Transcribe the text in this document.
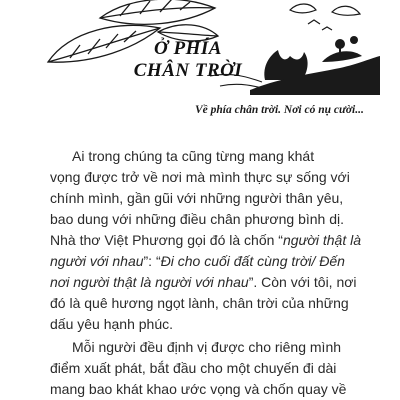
Ở PHÍA
CHÂN TRỜI
Về phía chân trời. Nơi có nụ cười...
Ai trong chúng ta cũng từng mang khát
vọng được trở về nơi mà mình thực sự sống với
chính mình, gần gũi với những người thân yêu,
bao dung với những điều chân phương bình dị.
Nhà thơ Việt Phương gọi đó là chốn “người thật là
người với nhau”: “Đi cho cuối đất cùng trời/ Đến
nơi người thật là người với nhau”. Còn với tôi, nơi
đó là quê hương ngọt lành, chân trời của những
dấu yêu hạnh phúc.
Mỗi người đều định vị được cho riêng mình
điểm xuất phát, bắt đầu cho một chuyến đi dài
mang bao khát khao ước vọng và chốn quay về
